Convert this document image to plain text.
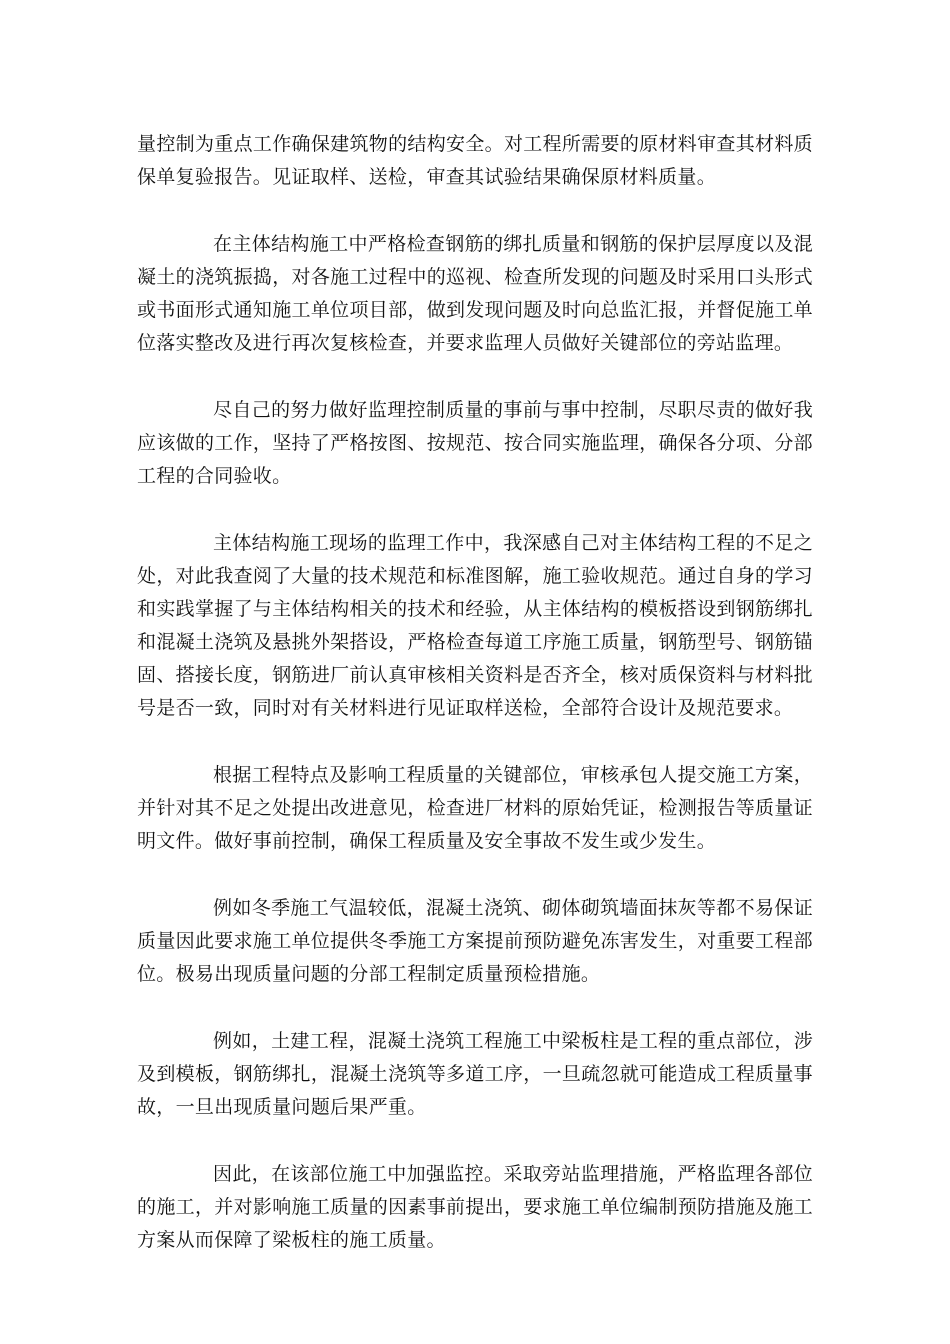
量控制为重点工作确保建筑物的结构安全。对工程所需要的原材料审查其材料质保单复验报告。见证取样、送检，审查其试验结果确保原材料质量。

在主体结构施工中严格检查钢筋的绑扎质量和钢筋的保护层厚度以及混凝土的浇筑振捣，对各施工过程中的巡视、检查所发现的问题及时采用口头形式或书面形式通知施工单位项目部，做到发现问题及时向总监汇报，并督促施工单位落实整改及进行再次复核检查，并要求监理人员做好关键部位的旁站监理。

尽自己的努力做好监理控制质量的事前与事中控制，尽职尽责的做好我应该做的工作，坚持了严格按图、按规范、按合同实施监理，确保各分项、分部工程的合同验收。

主体结构施工现场的监理工作中，我深感自己对主体结构工程的不足之处，对此我查阅了大量的技术规范和标准图解，施工验收规范。通过自身的学习和实践掌握了与主体结构相关的技术和经验，从主体结构的模板搭设到钢筋绑扎和混凝土浇筑及悬挑外架搭设，严格检查每道工序施工质量，钢筋型号、钢筋锚固、搭接长度，钢筋进厂前认真审核相关资料是否齐全，核对质保资料与材料批号是否一致，同时对有关材料进行见证取样送检，全部符合设计及规范要求。

根据工程特点及影响工程质量的关键部位，审核承包人提交施工方案，并针对其不足之处提出改进意见，检查进厂材料的原始凭证，检测报告等质量证明文件。做好事前控制，确保工程质量及安全事故不发生或少发生。

例如冬季施工气温较低，混凝土浇筑、砌体砌筑墙面抹灰等都不易保证质量因此要求施工单位提供冬季施工方案提前预防避免冻害发生，对重要工程部位。极易出现质量问题的分部工程制定质量预检措施。

例如，土建工程，混凝土浇筑工程施工中梁板柱是工程的重点部位，涉及到模板，钢筋绑扎，混凝土浇筑等多道工序，一旦疏忽就可能造成工程质量事故，一旦出现质量问题后果严重。

因此，在该部位施工中加强监控。采取旁站监理措施，严格监理各部位的施工，并对影响施工质量的因素事前提出，要求施工单位编制预防措施及施工方案从而保障了梁板柱的施工质量。
